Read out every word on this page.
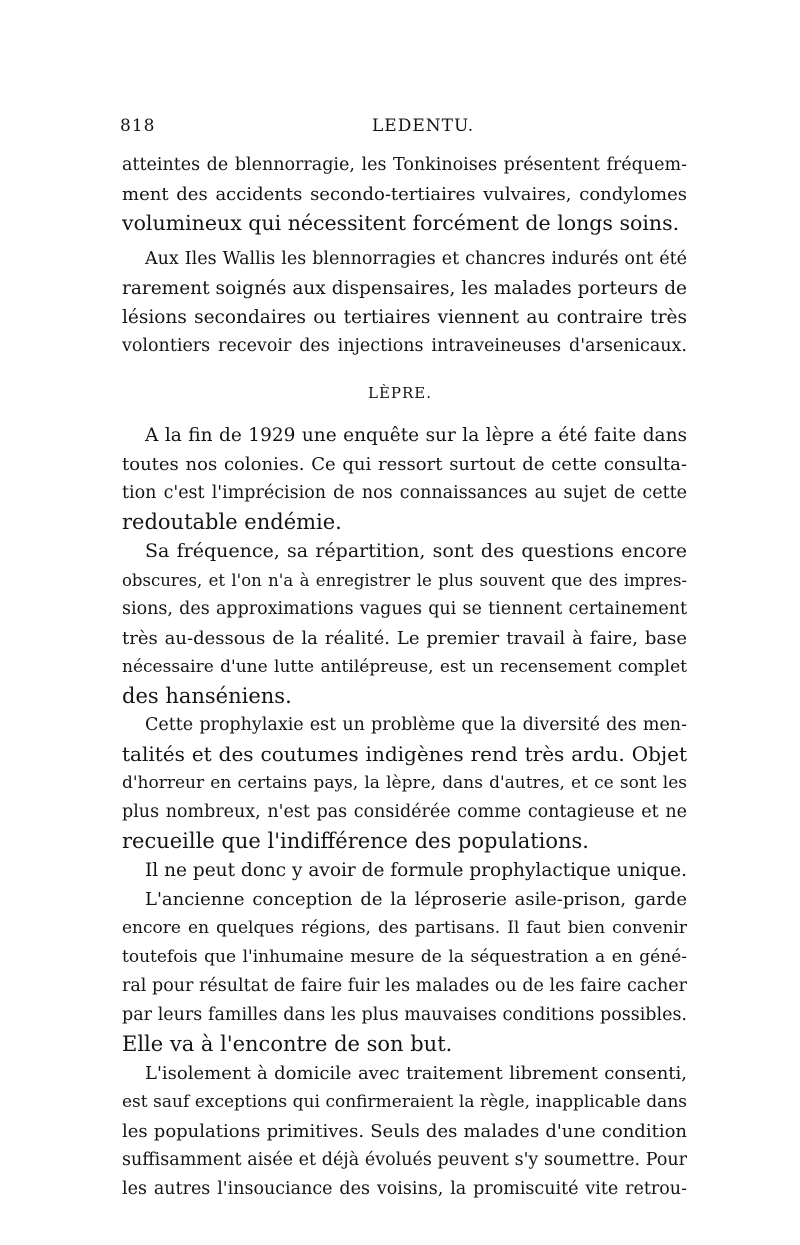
818	LEDENTU.
atteintes de blennorragie, les Tonkinoises présentent fréquem-
ment des accidents secondo-tertiaires vulvaires, condylomes
volumineux qui nécessitent forcément de longs soins.
Aux Iles Wallis les blennorragies et chancres indurés ont été
rarement soignés aux dispensaires, les malades porteurs de
lésions secondaires ou tertiaires viennent au contraire très
volontiers recevoir des injections intraveineuses d'arsenicaux.
LÈPRE.
A la fin de 1929 une enquête sur la lèpre a été faite dans
toutes nos colonies. Ce qui ressort surtout de cette consulta-
tion c'est l'imprécision de nos connaissances au sujet de cette
redoutable endémie.
Sa fréquence, sa répartition, sont des questions encore
obscures, et l'on n'a à enregistrer le plus souvent que des impres-
sions, des approximations vagues qui se tiennent certainement
très au-dessous de la réalité. Le premier travail à faire, base
nécessaire d'une lutte antilépreuse, est un recensement complet
des hanséniens.
Cette prophylaxie est un problème que la diversité des men-
talités et des coutumes indigènes rend très ardu. Objet
d'horreur en certains pays, la lèpre, dans d'autres, et ce sont les
plus nombreux, n'est pas considérée comme contagieuse et ne
recueille que l'indifférence des populations.
Il ne peut donc y avoir de formule prophylactique unique.
L'ancienne conception de la léproserie asile-prison, garde
encore en quelques régions, des partisans. Il faut bien convenir
toutefois que l'inhumaine mesure de la séquestration a en géné-
ral pour résultat de faire fuir les malades ou de les faire cacher
par leurs familles dans les plus mauvaises conditions possibles.
Elle va à l'encontre de son but.
L'isolement à domicile avec traitement librement consenti,
est sauf exceptions qui confirmeraient la règle, inapplicable dans
les populations primitives. Seuls des malades d'une condition
suffisamment aisée et déjà évolués peuvent s'y soumettre. Pour
les autres l'insouciance des voisins, la promiscuité vite retrou-
